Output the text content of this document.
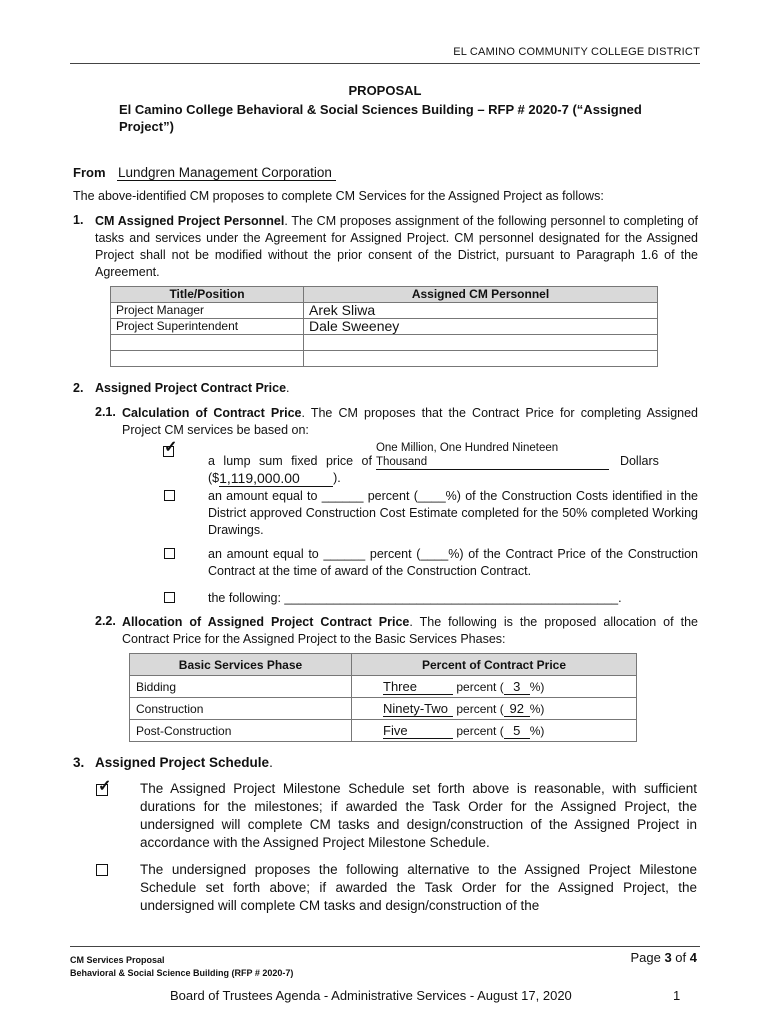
EL CAMINO COMMUNITY COLLEGE DISTRICT
PROPOSAL
El Camino College Behavioral & Social Sciences Building – RFP # 2020-7 (“Assigned Project”)
From Lundgren Management Corporation
The above-identified CM proposes to complete CM Services for the Assigned Project as follows:
1. CM Assigned Project Personnel. The CM proposes assignment of the following personnel to completing of tasks and services under the Agreement for Assigned Project. CM personnel designated for the Assigned Project shall not be modified without the prior consent of the District, pursuant to Paragraph 1.6 of the Agreement.
Title/Position	Assigned CM Personnel
Project Manager	Arek Sliwa
Project Superintendent	Dale Sweeney

2. Assigned Project Contract Price.
2.1. Calculation of Contract Price. The CM proposes that the Contract Price for completing Assigned Project CM services be based on:
✓
a lump sum fixed price of
One Million, One Hundred Nineteen Thousand	Dollars
($ 1,119,000.00	).
an amount equal to ______ percent (____%) of the Construction Costs identified in the District approved Construction Cost Estimate completed for the 50% completed Working Drawings.
an amount equal to ______ percent (____%) of the Contract Price of the Construction Contract at the time of award of the Construction Contract.
the following: ________________________________________________.
2.2. Allocation of Assigned Project Contract Price. The following is the proposed allocation of the Contract Price for the Assigned Project to the Basic Services Phases:
Basic Services Phase	Percent of Contract Price
Bidding	Three percent ( 3 %)
Construction	Ninety-Two percent ( 92 %)
Post-Construction	Five percent ( 5 %)
3. Assigned Project Schedule.
✓ The Assigned Project Milestone Schedule set forth above is reasonable, with sufficient durations for the milestones; if awarded the Task Order for the Assigned Project, the undersigned will complete CM tasks and design/construction of the Assigned Project in accordance with the Assigned Project Milestone Schedule.
The undersigned proposes the following alternative to the Assigned Project Milestone Schedule set forth above; if awarded the Task Order for the Assigned Project, the undersigned will complete CM tasks and design/construction of the
CM Services Proposal
Behavioral & Social Science Building (RFP # 2020-7)
Page 3 of 4
Board of Trustees Agenda - Administrative Services - August 17, 2020	1
